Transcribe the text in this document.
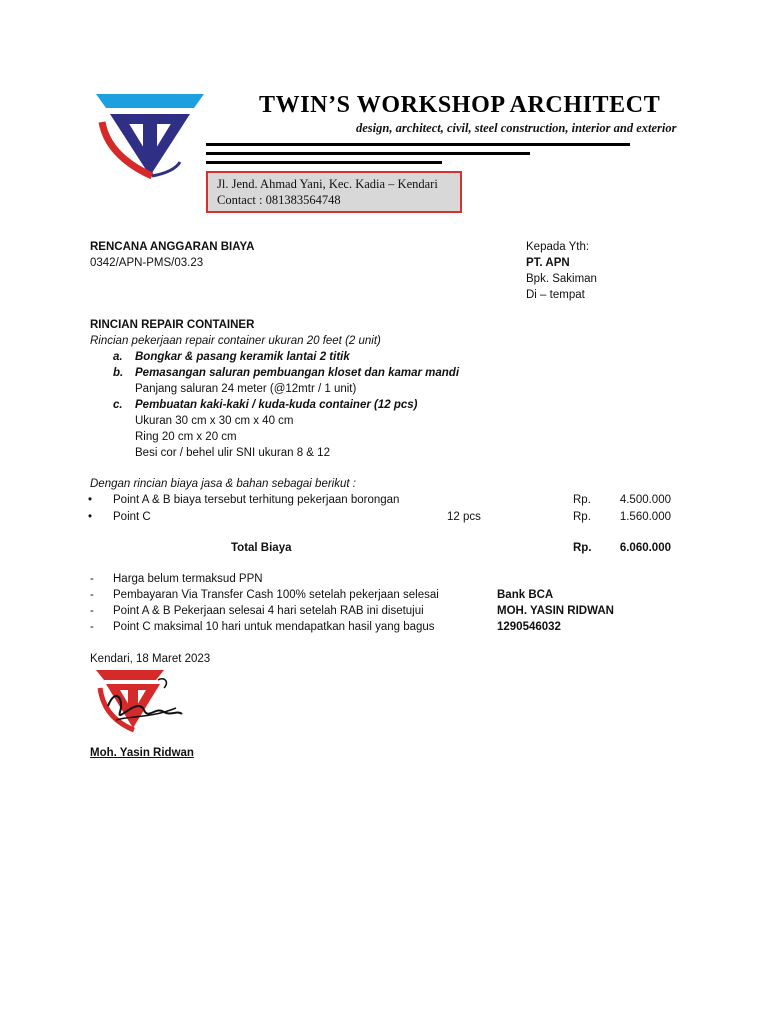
TWIN’S WORKSHOP ARCHITECT
design, architect, civil, steel construction, interior and exterior
Jl. Jend. Ahmad Yani, Kec. Kadia – Kendari
Contact : 081383564748
RENCANA ANGGARAN BIAYA
0342/APN-PMS/03.23
Kepada Yth:
PT. APN
Bpk. Sakiman
Di – tempat
RINCIAN REPAIR CONTAINER
Rincian pekerjaan repair container ukuran 20 feet (2 unit)
a. Bongkar & pasang keramik lantai 2 titik
b. Pemasangan saluran pembuangan kloset dan kamar mandi
Panjang saluran 24 meter (@12mtr / 1 unit)
c. Pembuatan kaki-kaki / kuda-kuda container (12 pcs)
Ukuran 30 cm x 30 cm x 40 cm
Ring 20 cm x 20 cm
Besi cor / behel ulir SNI ukuran 8 & 12
Dengan rincian biaya jasa & bahan sebagai berikut :
• Point A & B biaya tersebut terhitung pekerjaan borongan	Rp.	4.500.000
• Point C	12 pcs	Rp.	1.560.000
Total Biaya	Rp.	6.060.000
- Harga belum termaksud PPN
- Pembayaran Via Transfer Cash 100% setelah pekerjaan selesai
- Point A & B Pekerjaan selesai 4 hari setelah RAB ini disetujui
- Point C maksimal 10 hari untuk mendapatkan hasil yang bagus
Bank BCA
MOH. YASIN RIDWAN
1290546032
Kendari, 18 Maret 2023
Moh. Yasin Ridwan
